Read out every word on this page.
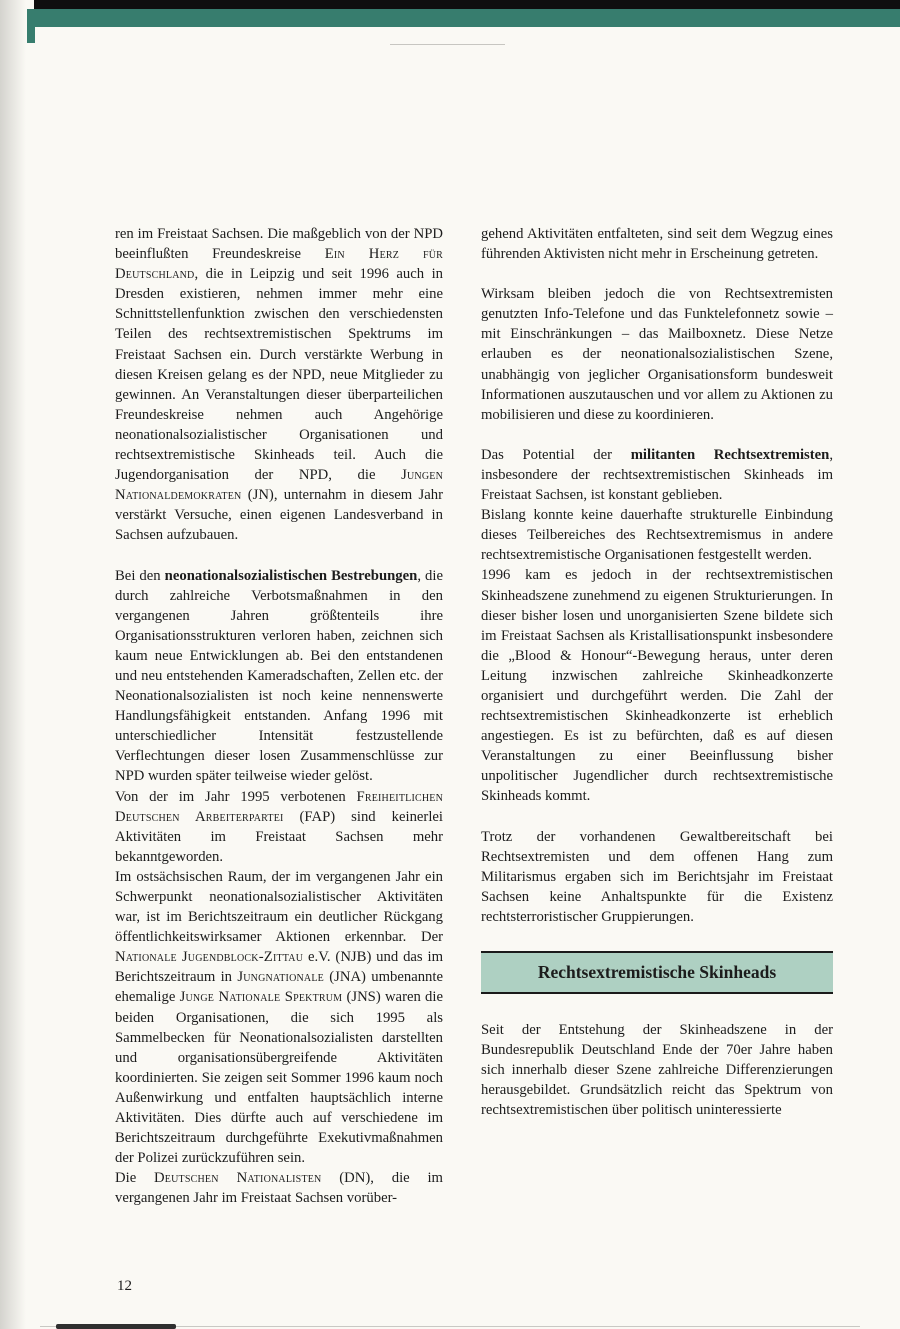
ren im Freistaat Sachsen. Die maßgeblich von der NPD beeinflußten Freundeskreise Ein Herz für Deutschland, die in Leipzig und seit 1996 auch in Dresden existieren, nehmen immer mehr eine Schnittstellenfunktion zwischen den verschiedensten Teilen des rechtsextremistischen Spektrums im Freistaat Sachsen ein. Durch verstärkte Werbung in diesen Kreisen gelang es der NPD, neue Mitglieder zu gewinnen. An Veranstaltungen dieser überparteilichen Freundeskreise nehmen auch Angehörige neonationalsozialistischer Organisationen und rechtsextremistische Skinheads teil. Auch die Jugendorganisation der NPD, die Jungen Nationaldemokraten (JN), unternahm in diesem Jahr verstärkt Versuche, einen eigenen Landesverband in Sachsen aufzubauen.

Bei den neonationalsozialistischen Bestrebungen, die durch zahlreiche Verbotsmaßnahmen in den vergangenen Jahren größtenteils ihre Organisationsstrukturen verloren haben, zeichnen sich kaum neue Entwicklungen ab. Bei den entstandenen und neu entstehenden Kameradschaften, Zellen etc. der Neonationalsozialisten ist noch keine nennenswerte Handlungsfähigkeit entstanden. Anfang 1996 mit unterschiedlicher Intensität festzustellende Verflechtungen dieser losen Zusammenschlüsse zur NPD wurden später teilweise wieder gelöst.

Von der im Jahr 1995 verbotenen Freiheitlichen Deutschen Arbeiterpartei (FAP) sind keinerlei Aktivitäten im Freistaat Sachsen mehr bekanntgeworden.

Im ostsächsischen Raum, der im vergangenen Jahr ein Schwerpunkt neonationalsozialistischer Aktivitäten war, ist im Berichtszeitraum ein deutlicher Rückgang öffentlichkeitswirksamer Aktionen erkennbar. Der Nationale Jugendblock-Zittau e.V. (NJB) und das im Berichtszeitraum in Jungnationale (JNA) umbenannte ehemalige Junge Nationale Spektrum (JNS) waren die beiden Organisationen, die sich 1995 als Sammelbecken für Neonationalsozialisten darstellten und organisationsübergreifende Aktivitäten koordinierten. Sie zeigen seit Sommer 1996 kaum noch Außenwirkung und entfalten hauptsächlich interne Aktivitäten. Dies dürfte auch auf verschiedene im Berichtszeitraum durchgeführte Exekutivmaßnahmen der Polizei zurückzuführen sein.

Die Deutschen Nationalisten (DN), die im vergangenen Jahr im Freistaat Sachsen vorüber-

gehend Aktivitäten entfalteten, sind seit dem Wegzug eines führenden Aktivisten nicht mehr in Erscheinung getreten.

Wirksam bleiben jedoch die von Rechtsextremisten genutzten Info-Telefone und das Funktelefonnetz sowie – mit Einschränkungen – das Mailboxnetz. Diese Netze erlauben es der neonationalsozialistischen Szene, unabhängig von jeglicher Organisationsform bundesweit Informationen auszutauschen und vor allem zu Aktionen zu mobilisieren und diese zu koordinieren.

Das Potential der militanten Rechtsextremisten, insbesondere der rechtsextremistischen Skinheads im Freistaat Sachsen, ist konstant geblieben.

Bislang konnte keine dauerhafte strukturelle Einbindung dieses Teilbereiches des Rechtsextremismus in andere rechtsextremistische Organisationen festgestellt werden.

1996 kam es jedoch in der rechtsextremistischen Skinheadszene zunehmend zu eigenen Strukturierungen. In dieser bisher losen und unorganisierten Szene bildete sich im Freistaat Sachsen als Kristallisationspunkt insbesondere die „Blood & Honour“-Bewegung heraus, unter deren Leitung inzwischen zahlreiche Skinheadkonzerte organisiert und durchgeführt werden. Die Zahl der rechtsextremistischen Skinheadkonzerte ist erheblich angestiegen. Es ist zu befürchten, daß es auf diesen Veranstaltungen zu einer Beeinflussung bisher unpolitischer Jugendlicher durch rechtsextremistische Skinheads kommt.

Trotz der vorhandenen Gewaltbereitschaft bei Rechtsextremisten und dem offenen Hang zum Militarismus ergaben sich im Berichtsjahr im Freistaat Sachsen keine Anhaltspunkte für die Existenz rechtsterroristischer Gruppierungen.

Rechtsextremistische Skinheads

Seit der Entstehung der Skinheadszene in der Bundesrepublik Deutschland Ende der 70er Jahre haben sich innerhalb dieser Szene zahlreiche Differenzierungen herausgebildet. Grundsätzlich reicht das Spektrum von rechtsextremistischen über politisch uninteressierte

12
